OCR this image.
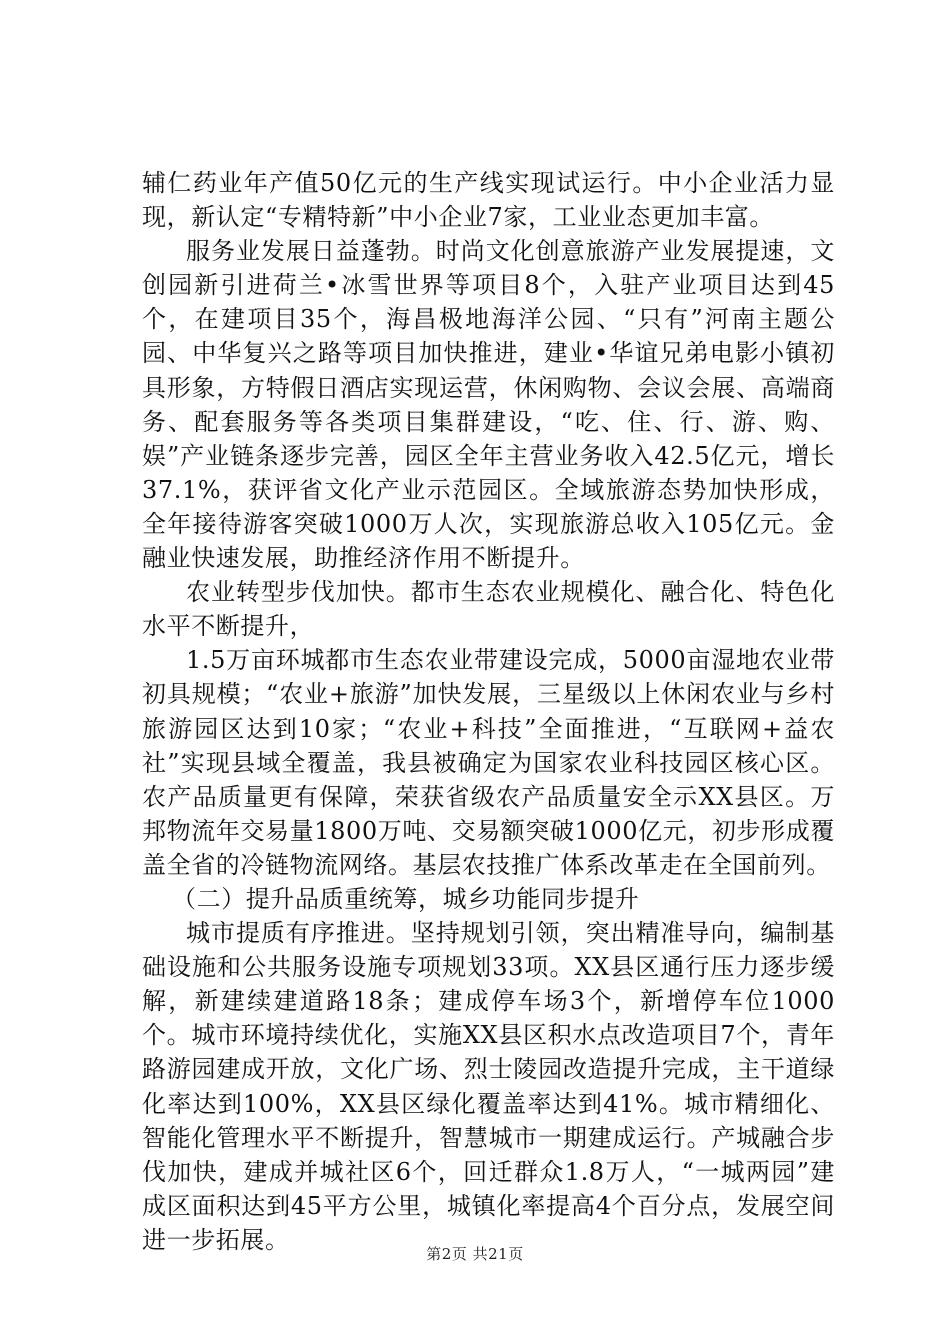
辅仁药业年产值50亿元的生产线实现试运行。中小企业活力显现，新认定“专精特新”中小企业7家，工业业态更加丰富。

服务业发展日益蓬勃。时尚文化创意旅游产业发展提速，文创园新引进荷兰•冰雪世界等项目8个，入驻产业项目达到45个，在建项目35个，海昌极地海洋公园、“只有”河南主题公园、中华复兴之路等项目加快推进，建业•华谊兄弟电影小镇初具形象，方特假日酒店实现运营，休闲购物、会议会展、高端商务、配套服务等各类项目集群建设，“吃、住、行、游、购、娱”产业链条逐步完善，园区全年主营业务收入42.5亿元，增长37.1%，获评省文化产业示范园区。全域旅游态势加快形成，全年接待游客突破1000万人次，实现旅游总收入105亿元。金融业快速发展，助推经济作用不断提升。

农业转型步伐加快。都市生态农业规模化、融合化、特色化水平不断提升，

1.5万亩环城都市生态农业带建设完成，5000亩湿地农业带初具规模；“农业+旅游”加快发展，三星级以上休闲农业与乡村旅游园区达到10家；“农业+科技”全面推进，“互联网+益农社”实现县域全覆盖，我县被确定为国家农业科技园区核心区。农产品质量更有保障，荣获省级农产品质量安全示XX县区。万邦物流年交易量1800万吨、交易额突破1000亿元，初步形成覆盖全省的冷链物流网络。基层农技推广体系改革走在全国前列。

（二）提升品质重统筹，城乡功能同步提升

城市提质有序推进。坚持规划引领，突出精准导向，编制基础设施和公共服务设施专项规划33项。XX县区通行压力逐步缓解，新建续建道路18条；建成停车场3个，新增停车位1000个。城市环境持续优化，实施XX县区积水点改造项目7个，青年路游园建成开放，文化广场、烈士陵园改造提升完成，主干道绿化率达到100%，XX县区绿化覆盖率达到41%。城市精细化、智能化管理水平不断提升，智慧城市一期建成运行。产城融合步伐加快，建成并城社区6个，回迁群众1.8万人，“一城两园”建成区面积达到45平方公里，城镇化率提高4个百分点，发展空间进一步拓展。

第2页 共21页
